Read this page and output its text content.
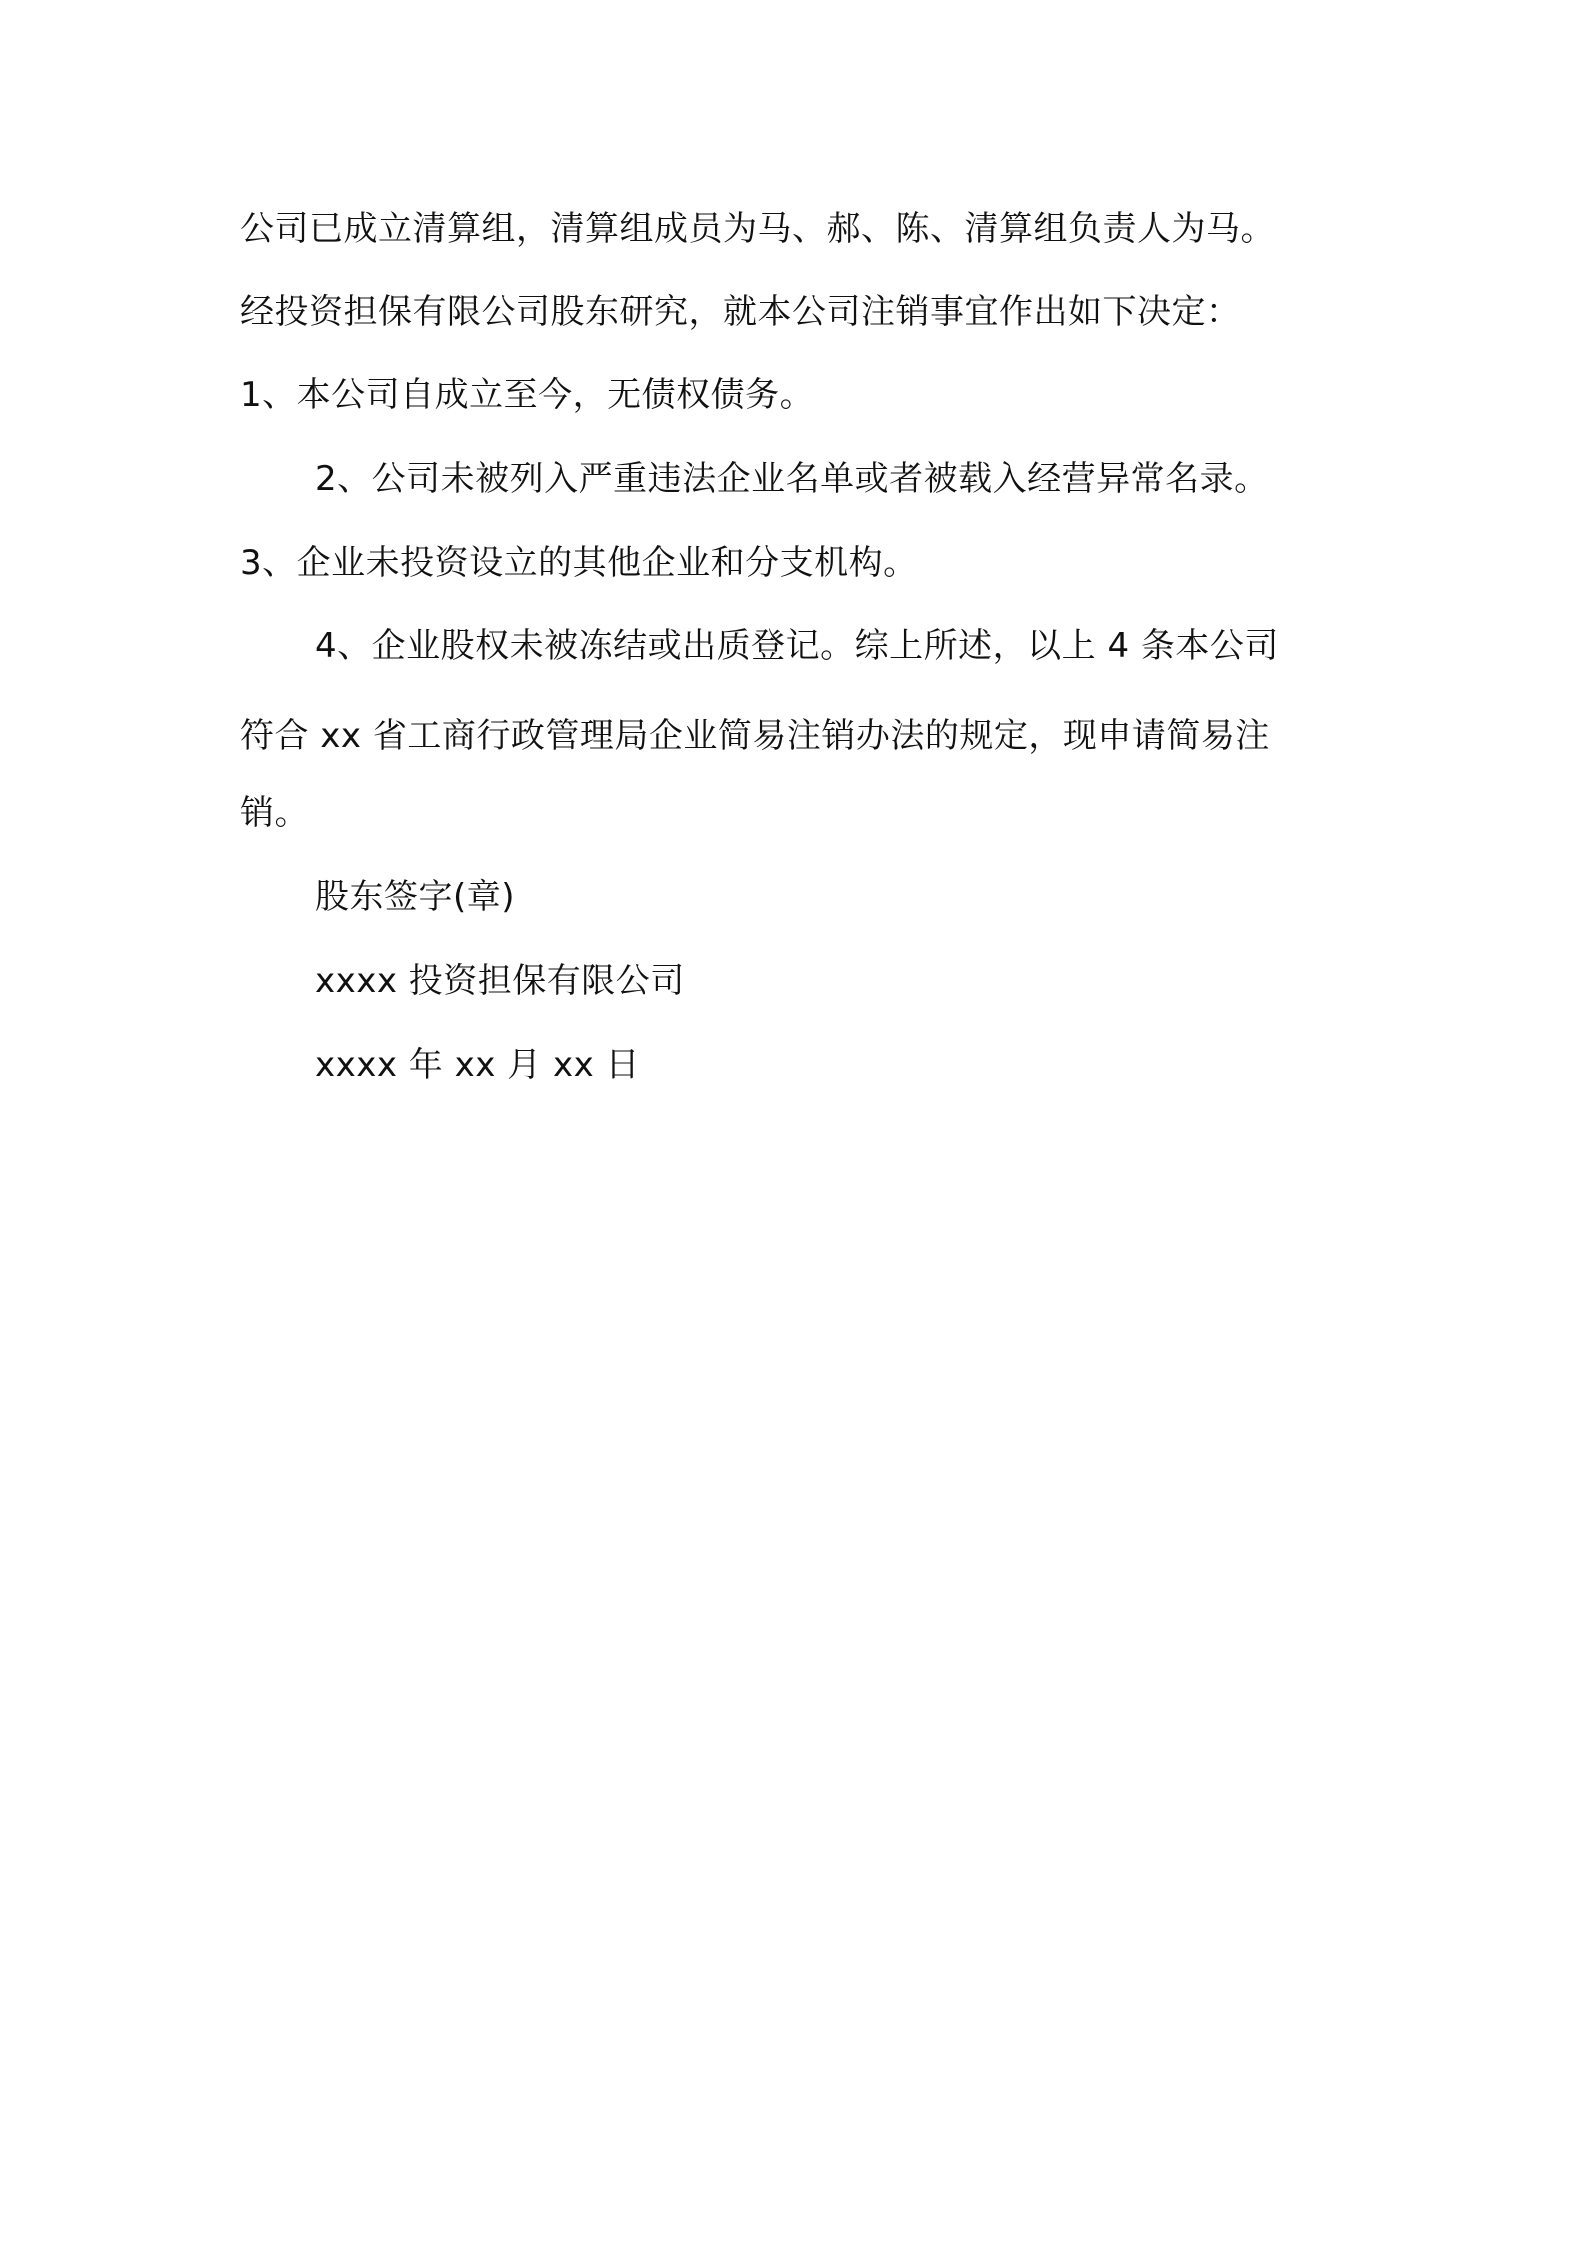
公司已成立清算组，清算组成员为马、郝、陈、清算组负责人为马。
经投资担保有限公司股东研究，就本公司注销事宜作出如下决定：
1、本公司自成立至今，无债权债务。
2、公司未被列入严重违法企业名单或者被载入经营异常名录。
3、企业未投资设立的其他企业和分支机构。
4、企业股权未被冻结或出质登记。综上所述，以上 4 条本公司
符合 xx 省工商行政管理局企业简易注销办法的规定，现申请简易注
销。
股东签字(章)
xxxx 投资担保有限公司
xxxx 年 xx 月 xx 日
